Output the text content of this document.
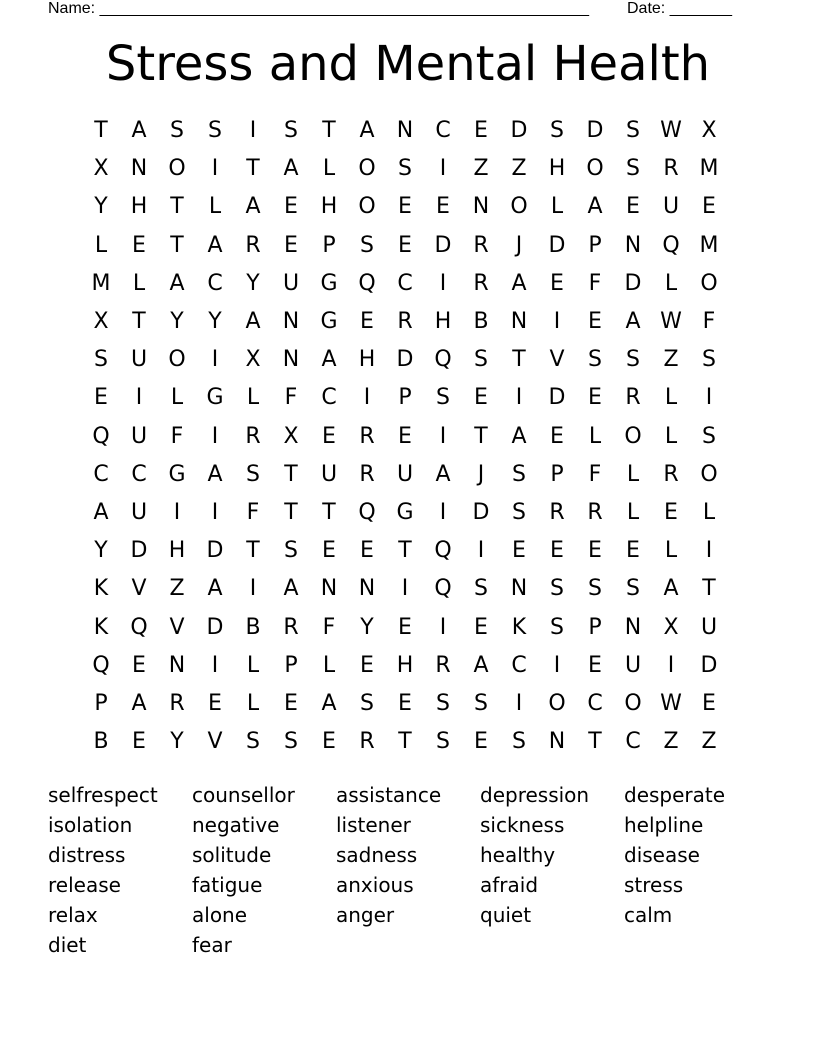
Name: _______________________________________________________ Date: _______
Stress and Mental Health
T	A	S	S	I	S	T	A	N	C	E	D	S	D	S W X
X	N O	I	T	A	L	O	S	I	Z	Z	H O	S	R M
Y	H	T	L	A	E	H O	E	E	N O	L	A	E	U	E
L	E	T	A	R	E	P	S	E	D R	J	D	P	N Q M
M	L	A	C	Y	U G Q C	I	R	A	E	F	D	L	O
X	T	Y	Y	A	N G	E	R	H	B	N	I	E	A W F
S	U O	I	X	N	A	H D Q	S	T	V	S	S	Z	S
E	I	L	G	L	F	C	I	P	S	E	I	D	E	R	L	I
Q U	F	I	R	X	E	R	E	I	T	A	E	L	O	L	S
C	C G A	S	T	U	R	U	A	J	S	P	F	L	R O
A	U	I	I	F	T	T	Q G	I	D	S	R	R	L	E	L
Y	D H D	T	S	E	E	T	Q	I	E	E	E	E	L	I
K	V	Z	A	I	A	N N	I	Q	S	N	S	S	S	A	T
K	Q V D B	R	F	Y	E	I	E	K	S	P	N	X	U
Q	E	N	I	L	P	L	E	H	R	A	C	I	E	U	I	D
P	A	R	E	L	E	A	S	E	S	S	I	O C O W E
B	E	Y	V	S	S	E	R	T	S	E	S	N	T	C	Z	Z
selfrespect	counsellor	assistance	depression	desperate
isolation	negative	listener	sickness	helpline
distress	solitude	sadness	healthy	disease
release	fatigue	anxious	afraid	stress
relax	alone	anger	quiet	calm
diet	fear
